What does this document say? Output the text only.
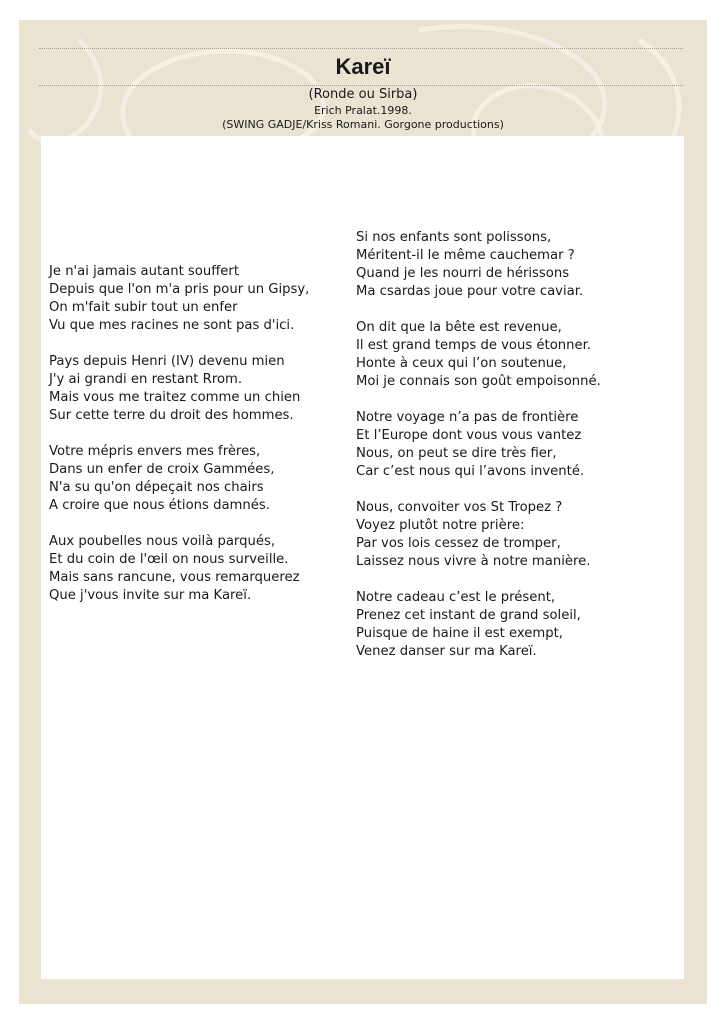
Kareï
(Ronde ou Sirba)
Erich Pralat.1998.
(SWING GADJE/Kriss Romani. Gorgone productions)
Je n'ai jamais autant souffert
Depuis que l'on m'a pris pour un Gipsy,
On m'fait subir tout un enfer
Vu que mes racines ne sont pas d'ici.
Pays depuis Henri (IV) devenu mien
J'y ai grandi en restant Rrom.
Mais vous me traitez comme un chien
Sur cette terre du droit des hommes.
Votre mépris envers mes frères,
Dans un enfer de croix Gammées,
N'a su qu'on dépeçait nos chairs
A croire que nous étions damnés.
Aux poubelles nous voilà parqués,
Et du coin de l'œil on nous surveille.
Mais sans rancune, vous remarquerez
Que j'vous invite sur ma Kareï.
Si nos enfants sont polissons,
Méritent-il le même cauchemar ?
Quand je les nourri de hérissons
Ma csardas joue pour votre caviar.
On dit que la bête est revenue,
Il est grand temps de vous étonner.
Honte à ceux qui l’on soutenue,
Moi je connais son goût empoisonné.
Notre voyage n’a pas de frontière
Et l’Europe dont vous vous vantez
Nous, on peut se dire très fier,
Car c’est nous qui l’avons inventé.
Nous, convoiter vos St Tropez ?
Voyez plutôt notre prière:
Par vos lois cessez de tromper,
Laissez nous vivre à notre manière.
Notre cadeau c’est le présent,
Prenez cet instant de grand soleil,
Puisque de haine il est exempt,
Venez danser sur ma Kareï.
